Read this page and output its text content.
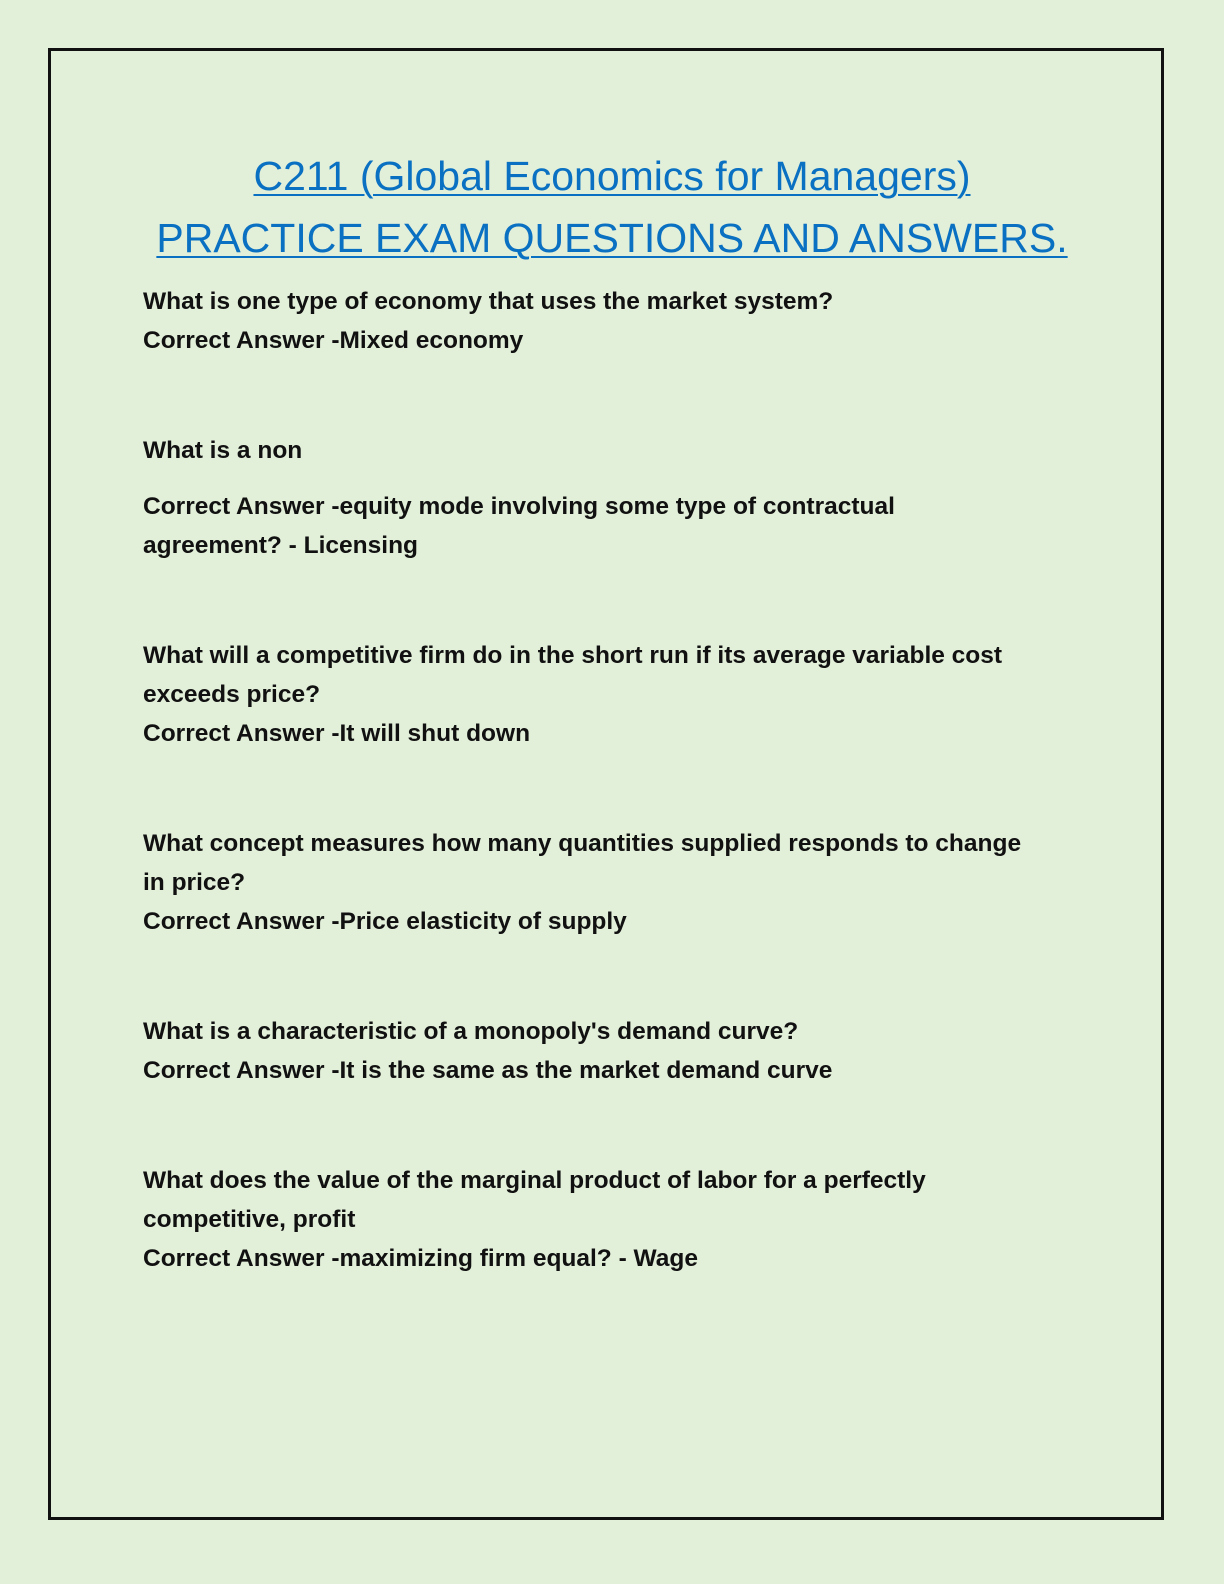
C211 (Global Economics for Managers)
PRACTICE EXAM QUESTIONS AND ANSWERS.
What is one type of economy that uses the market system?
Correct Answer -Mixed economy
What is a non
Correct Answer -equity mode involving some type of contractual
agreement? - Licensing
What will a competitive firm do in the short run if its average variable cost
exceeds price?
Correct Answer -It will shut down
What concept measures how many quantities supplied responds to change
in price?
Correct Answer -Price elasticity of supply
What is a characteristic of a monopoly's demand curve?
Correct Answer -It is the same as the market demand curve
What does the value of the marginal product of labor for a perfectly
competitive, profit
Correct Answer -maximizing firm equal? - Wage
